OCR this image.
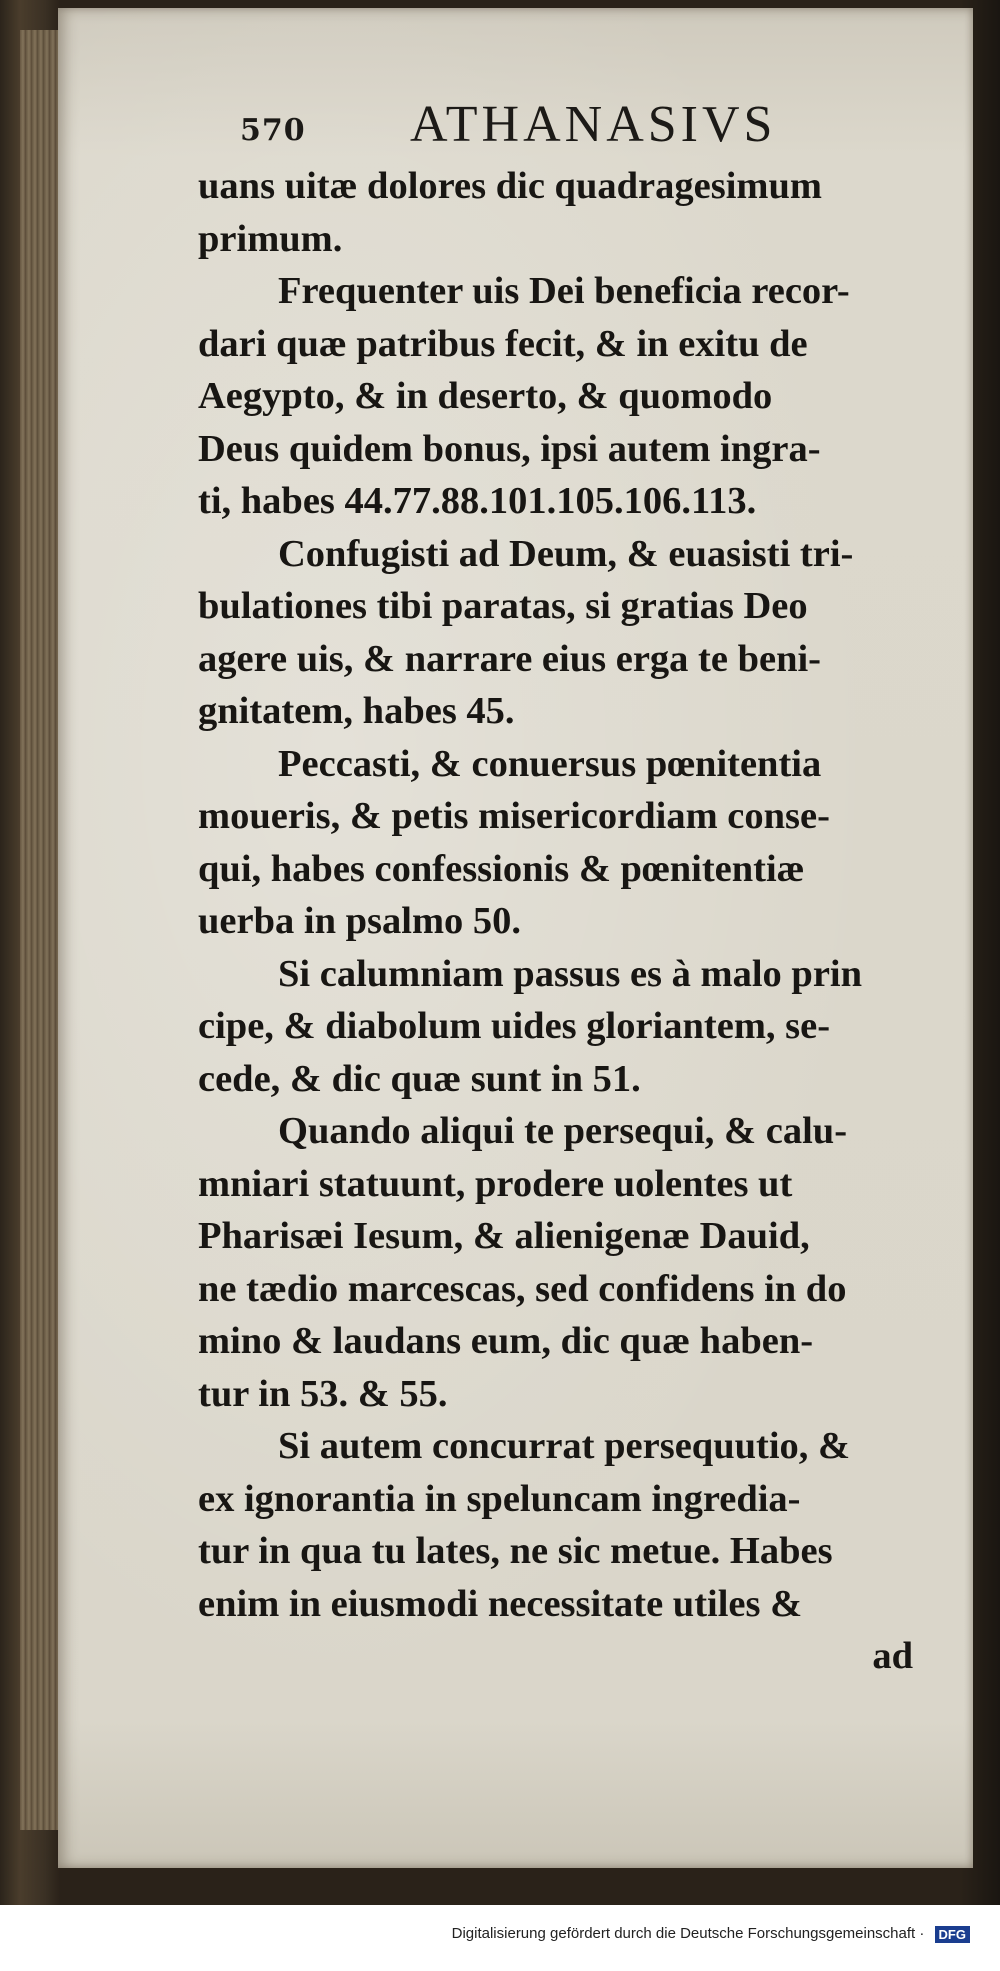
570 ATHANASIVS
uans uitæ dolores dic quadragesimum
primum.
Frequenter uis Dei beneficia recor-
dari quæ patribus fecit, & in exitu de
Aegypto, & in deserto, & quomodo
Deus quidem bonus, ipsi autem ingra-
ti, habes 44.77.88.101.105.106.113.
Confugisti ad Deum, & euasisti tri-
bulationes tibi paratas, si gratias Deo
agere uis, & narrare eius erga te beni-
gnitatem, habes 45.
Peccasti, & conuersus pœnitentia
moueris, & petis misericordiam conse-
qui, habes confessionis & pœnitentiæ
uerba in psalmo 50.
Si calumniam passus es à malo prin
cipe, & diabolum uides gloriantem, se-
cede, & dic quæ sunt in 51.
Quando aliqui te persequi, & calu-
mniari statuunt, prodere uolentes ut
Pharisæi Iesum, & alienigenæ Dauid,
ne tædio marcescas, sed confidens in do
mino & laudans eum, dic quæ haben-
tur in 53. & 55.
Si autem concurrat persequutio, &
ex ignorantia in speluncam ingredia-
tur in qua tu lates, ne sic metue. Habes
enim in eiusmodi necessitate utiles &
ad
Digitalisierung gefördert durch die Deutsche Forschungsgemeinschaft · DFG
